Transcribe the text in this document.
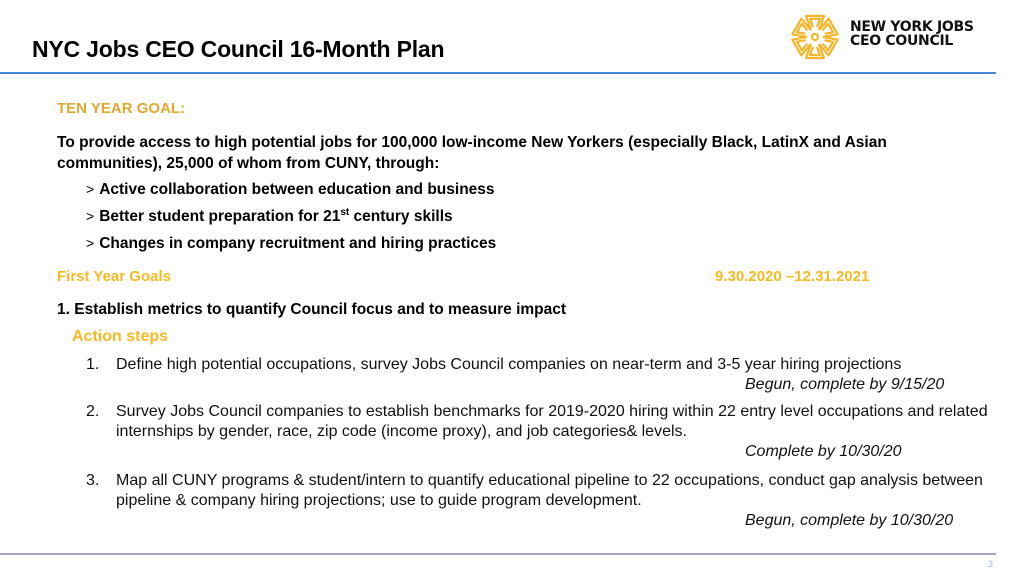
NYC Jobs CEO Council 16-Month Plan
NEW YORK JOBS
CEO COUNCIL
TEN YEAR GOAL:
To provide access to high potential jobs for 100,000 low-income New Yorkers (especially Black, LatinX and Asian communities), 25,000 of whom from CUNY, through:
> Active collaboration between education and business
> Better student preparation for 21st century skills
> Changes in company recruitment and hiring practices
First Year Goals	9.30.2020 –12.31.2021
1. Establish metrics to quantify Council focus and to measure impact
Action steps
1. Define high potential occupations, survey Jobs Council companies on near-term and 3-5 year hiring projections
Begun, complete by 9/15/20
2. Survey Jobs Council companies to establish benchmarks for 2019-2020 hiring within 22 entry level occupations and related internships by gender, race, zip code (income proxy), and job categories& levels.
Complete by 10/30/20
3. Map all CUNY programs & student/intern to quantify educational pipeline to 22 occupations, conduct gap analysis between pipeline & company hiring projections; use to guide program development.
Begun, complete by 10/30/20
3
